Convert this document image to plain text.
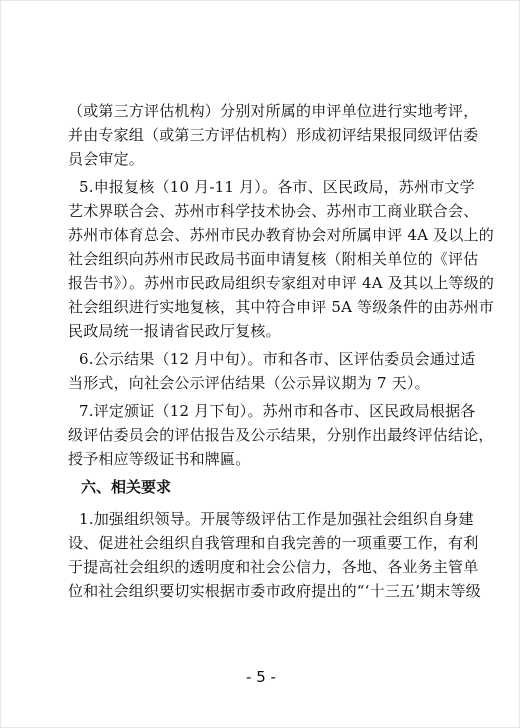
（或第三方评估机构）分别对所属的申评单位进行实地考评，
并由专家组（或第三方评估机构）形成初评结果报同级评估委
员会审定。
5.申报复核（10 月-11 月）。各市、区民政局，苏州市文学
艺术界联合会、苏州市科学技术协会、苏州市工商业联合会、
苏州市体育总会、苏州市民办教育协会对所属申评 4A 及以上的
社会组织向苏州市民政局书面申请复核（附相关单位的《评估
报告书》）。苏州市民政局组织专家组对申评 4A 及其以上等级的
社会组织进行实地复核，其中符合申评 5A 等级条件的由苏州市
民政局统一报请省民政厅复核。
6.公示结果（12 月中旬）。市和各市、区评估委员会通过适
当形式，向社会公示评估结果（公示异议期为 7 天）。
7.评定颁证（12 月下旬）。苏州市和各市、区民政局根据各
级评估委员会的评估报告及公示结果，分别作出最终评估结论，
授予相应等级证书和牌匾。
六、相关要求
1.加强组织领导。开展等级评估工作是加强社会组织自身建
设、促进社会组织自我管理和自我完善的一项重要工作，有利
于提高社会组织的透明度和社会公信力，各地、各业务主管单
位和社会组织要切实根据市委市政府提出的“‘十三五’期末等级
- 5 -
